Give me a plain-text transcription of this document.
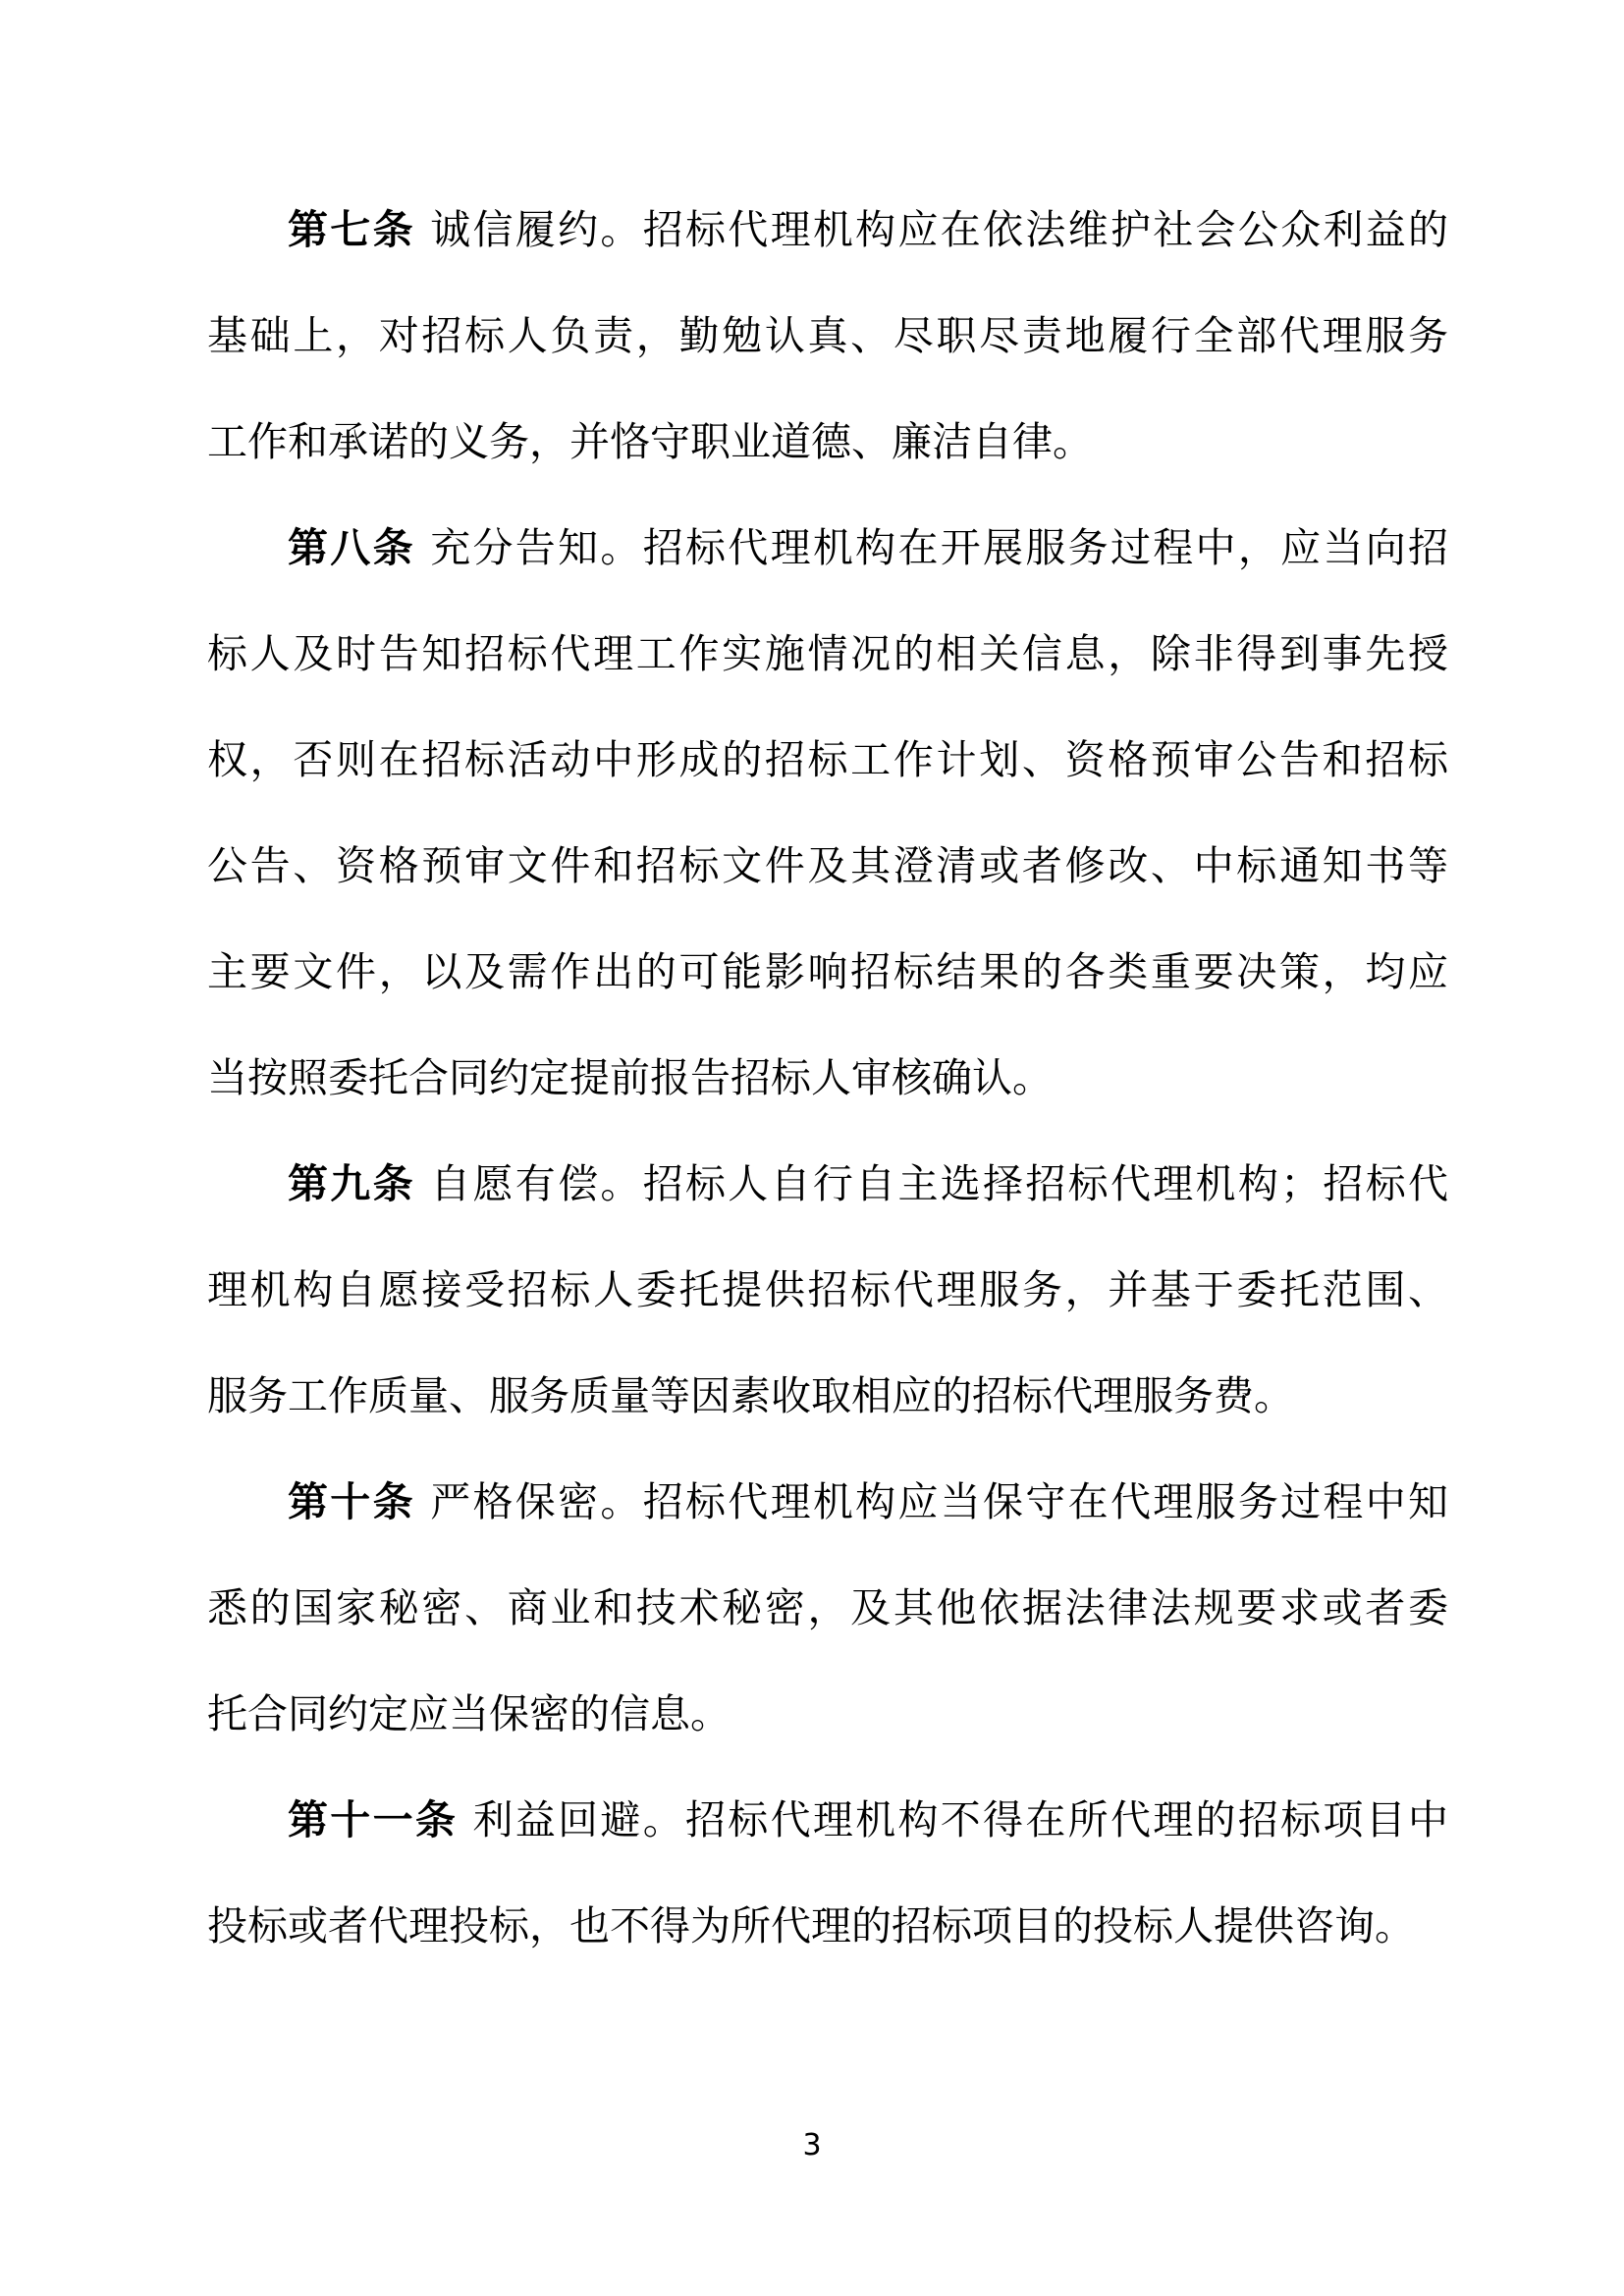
第七条 诚信履约。招标代理机构应在依法维护社会公众利益的
基础上，对招标人负责，勤勉认真、尽职尽责地履行全部代理服务
工作和承诺的义务，并恪守职业道德、廉洁自律。
第八条 充分告知。招标代理机构在开展服务过程中，应当向招
标人及时告知招标代理工作实施情况的相关信息，除非得到事先授
权，否则在招标活动中形成的招标工作计划、资格预审公告和招标
公告、资格预审文件和招标文件及其澄清或者修改、中标通知书等
主要文件，以及需作出的可能影响招标结果的各类重要决策，均应
当按照委托合同约定提前报告招标人审核确认。
第九条 自愿有偿。招标人自行自主选择招标代理机构；招标代
理机构自愿接受招标人委托提供招标代理服务，并基于委托范围、
服务工作质量、服务质量等因素收取相应的招标代理服务费。
第十条 严格保密。招标代理机构应当保守在代理服务过程中知
悉的国家秘密、商业和技术秘密，及其他依据法律法规要求或者委
托合同约定应当保密的信息。
第十一条 利益回避。招标代理机构不得在所代理的招标项目中
投标或者代理投标，也不得为所代理的招标项目的投标人提供咨询。
3
